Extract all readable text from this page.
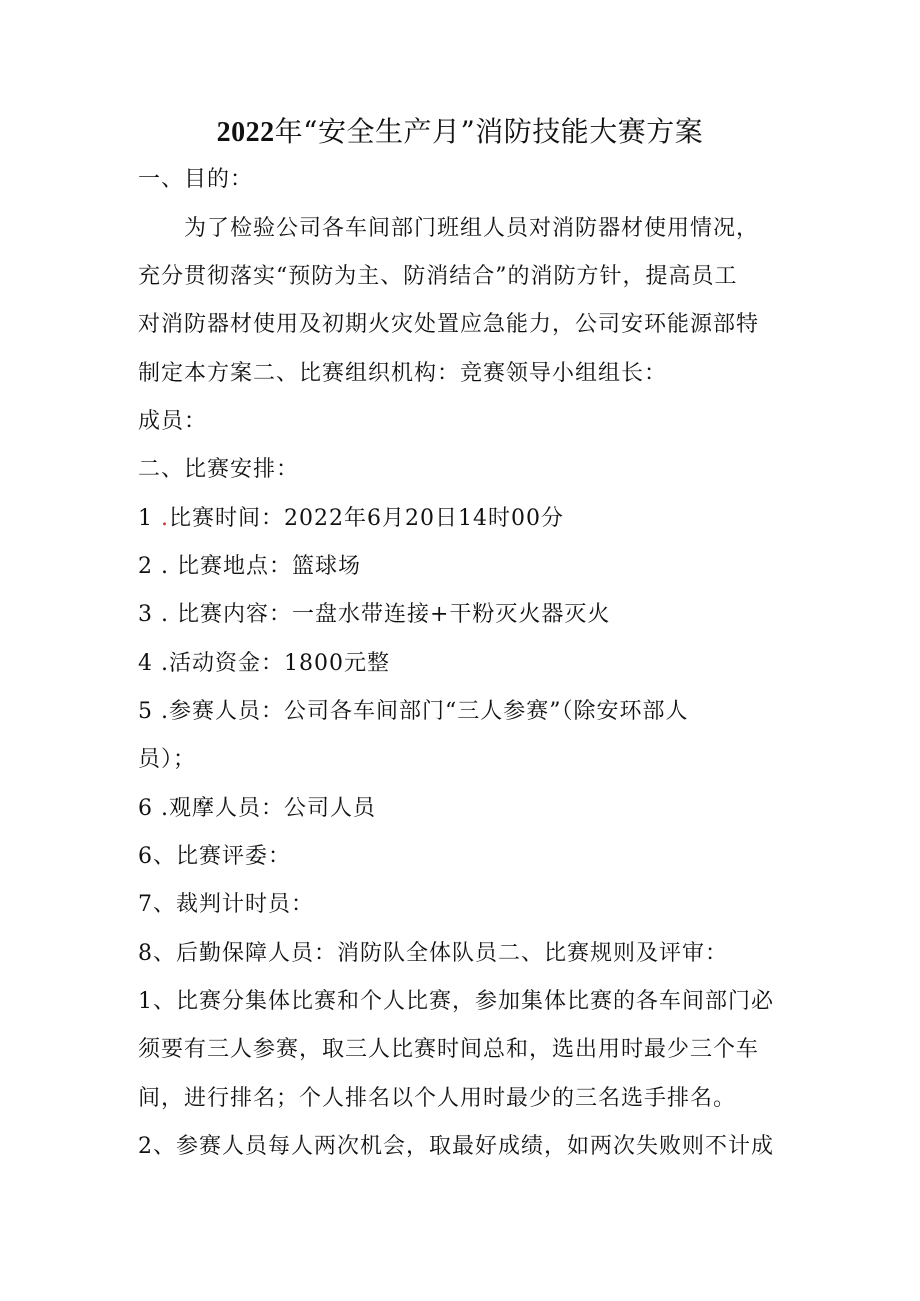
2022年“安全生产月”消防技能大赛方案
一、目的：
为了检验公司各车间部门班组人员对消防器材使用情况，
充分贯彻落实“预防为主、防消结合”的消防方针，提高员工
对消防器材使用及初期火灾处置应急能力，公司安环能源部特
制定本方案二、比赛组织机构：竞赛领导小组组长：
成员：
二、比赛安排：
1 .比赛时间：2022年6月20日14时00分
2 . 比赛地点：篮球场
3 . 比赛内容：一盘水带连接+干粉灭火器灭火
4 .活动资金：1800元整
5 .参赛人员：公司各车间部门“三人参赛”（除安环部人
员）；
6 .观摩人员：公司人员
6、比赛评委：
7、裁判计时员：
8、后勤保障人员：消防队全体队员二、比赛规则及评审：
1、比赛分集体比赛和个人比赛，参加集体比赛的各车间部门必
须要有三人参赛，取三人比赛时间总和，选出用时最少三个车
间，进行排名；个人排名以个人用时最少的三名选手排名。
2、参赛人员每人两次机会，取最好成绩，如两次失败则不计成
